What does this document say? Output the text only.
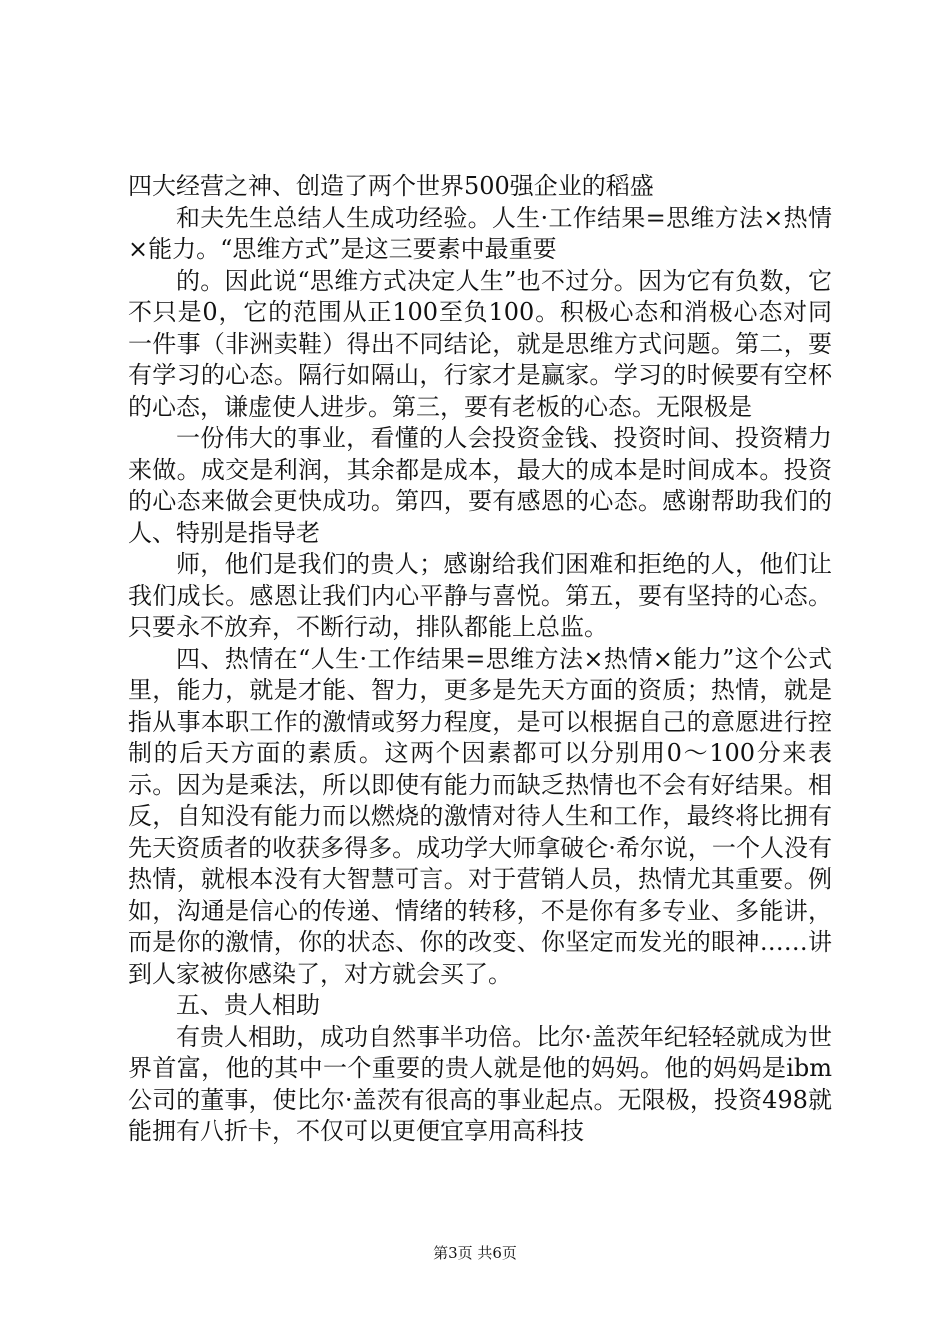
四大经营之神、创造了两个世界500强企业的稻盛

和夫先生总结人生成功经验。人生·工作结果=思维方法×热情×能力。“思维方式”是这三要素中最重要

的。因此说“思维方式决定人生”也不过分。因为它有负数，它不只是0，它的范围从正100至负100。积极心态和消极心态对同一件事（非洲卖鞋）得出不同结论，就是思维方式问题。第二，要有学习的心态。隔行如隔山，行家才是赢家。学习的时候要有空杯的心态，谦虚使人进步。第三，要有老板的心态。无限极是

一份伟大的事业，看懂的人会投资金钱、投资时间、投资精力来做。成交是利润，其余都是成本，最大的成本是时间成本。投资的心态来做会更快成功。第四，要有感恩的心态。感谢帮助我们的人、特别是指导老

师，他们是我们的贵人；感谢给我们困难和拒绝的人，他们让我们成长。感恩让我们内心平静与喜悦。第五，要有坚持的心态。只要永不放弃，不断行动，排队都能上总监。

四、热情在“人生·工作结果=思维方法×热情×能力”这个公式里，能力，就是才能、智力，更多是先天方面的资质；热情，就是指从事本职工作的激情或努力程度，是可以根据自己的意愿进行控制的后天方面的素质。这两个因素都可以分别用0～100分来表示。因为是乘法，所以即使有能力而缺乏热情也不会有好结果。相反，自知没有能力而以燃烧的激情对待人生和工作，最终将比拥有先天资质者的收获多得多。成功学大师拿破仑·希尔说，一个人没有热情，就根本没有大智慧可言。对于营销人员，热情尤其重要。例如，沟通是信心的传递、情绪的转移，不是你有多专业、多能讲，而是你的激情，你的状态、你的改变、你坚定而发光的眼神……讲到人家被你感染了，对方就会买了。

五、贵人相助

有贵人相助，成功自然事半功倍。比尔·盖茨年纪轻轻就成为世界首富，他的其中一个重要的贵人就是他的妈妈。他的妈妈是ibm公司的董事，使比尔·盖茨有很高的事业起点。无限极，投资498就能拥有八折卡，不仅可以更便宜享用高科技

第3页 共6页
